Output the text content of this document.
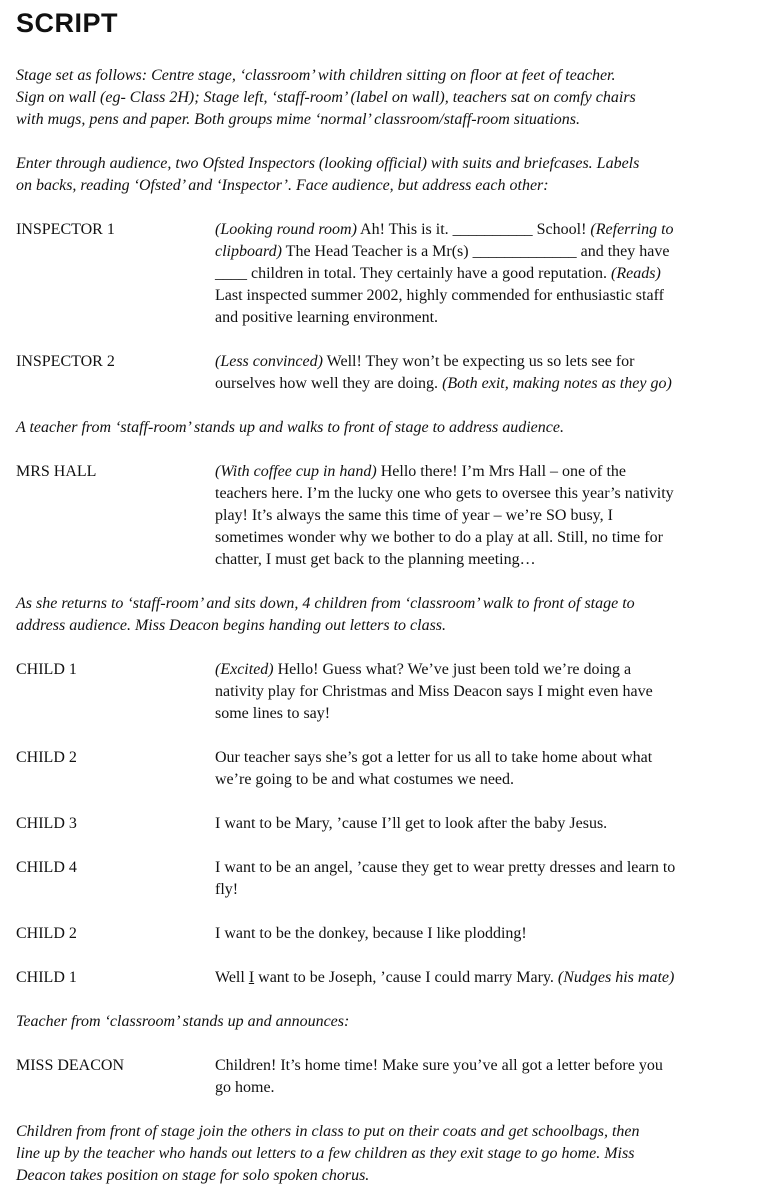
SCRIPT

Stage set as follows: Centre stage, ‘classroom’ with children sitting on floor at feet of teacher.
Sign on wall (eg- Class 2H); Stage left, ‘staff-room’ (label on wall), teachers sat on comfy chairs
with mugs, pens and paper. Both groups mime ‘normal’ classroom/staff-room situations.

Enter through audience, two Ofsted Inspectors (looking official) with suits and briefcases. Labels
on backs, reading ‘Ofsted’ and ‘Inspector’. Face audience, but address each other:

INSPECTOR 1	(Looking round room) Ah! This is it. __________ School! (Referring to
clipboard) The Head Teacher is a Mr(s) _____________ and they have
____ children in total. They certainly have a good reputation. (Reads)
Last inspected summer 2002, highly commended for enthusiastic staff
and positive learning environment.
INSPECTOR 2	(Less convinced) Well! They won’t be expecting us so lets see for
ourselves how well they are doing. (Both exit, making notes as they go)

A teacher from ‘staff-room’ stands up and walks to front of stage to address audience.

MRS HALL	(With coffee cup in hand) Hello there! I’m Mrs Hall – one of the
teachers here. I’m the lucky one who gets to oversee this year’s nativity
play! It’s always the same this time of year – we’re SO busy, I
sometimes wonder why we bother to do a play at all. Still, no time for
chatter, I must get back to the planning meeting…

As she returns to ‘staff-room’ and sits down, 4 children from ‘classroom’ walk to front of stage to
address audience. Miss Deacon begins handing out letters to class.

CHILD 1	(Excited) Hello! Guess what? We’ve just been told we’re doing a
nativity play for Christmas and Miss Deacon says I might even have
some lines to say!
CHILD 2	Our teacher says she’s got a letter for us all to take home about what
we’re going to be and what costumes we need.
CHILD 3	I want to be Mary, ’cause I’ll get to look after the baby Jesus.
CHILD 4	I want to be an angel, ’cause they get to wear pretty dresses and learn to
fly!
CHILD 2	I want to be the donkey, because I like plodding!
CHILD 1	Well I want to be Joseph, ’cause I could marry Mary. (Nudges his mate)

Teacher from ‘classroom’ stands up and announces:

MISS DEACON	Children! It’s home time! Make sure you’ve all got a letter before you
go home.

Children from front of stage join the others in class to put on their coats and get schoolbags, then
line up by the teacher who hands out letters to a few children as they exit stage to go home. Miss
Deacon takes position on stage for solo spoken chorus.
